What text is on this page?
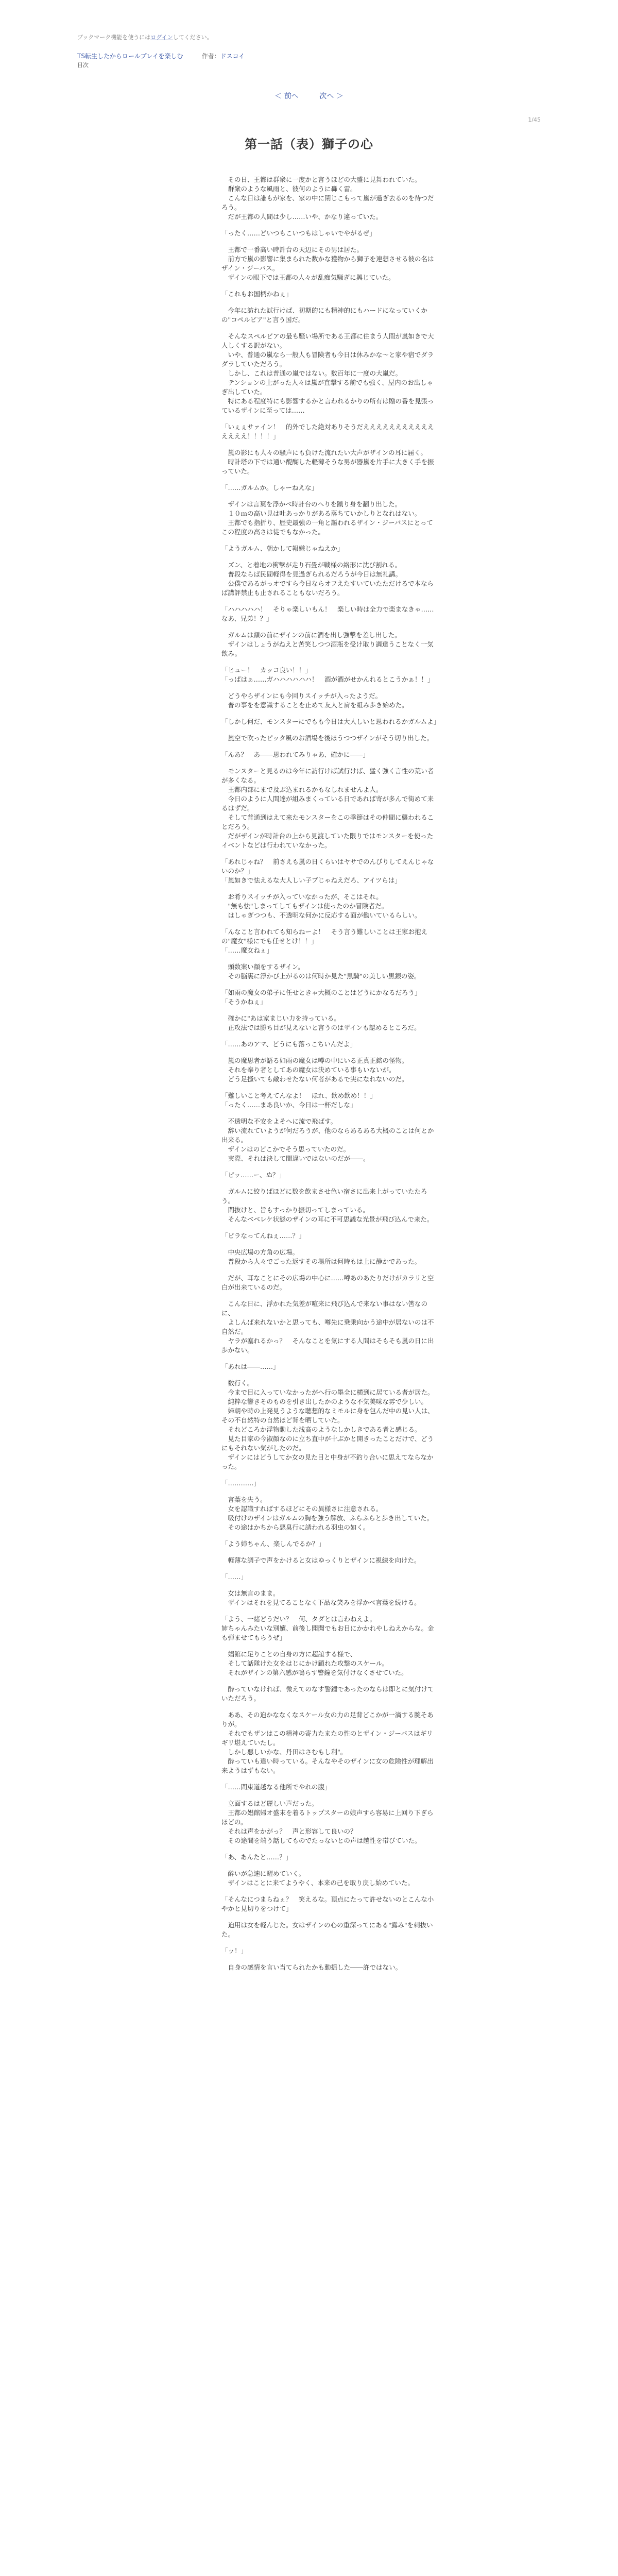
ブックマーク機能を使うにはログインしてください。
TS転生したからロールプレイを楽しむ	作者：ドスコイ
目次
＜ 前へ	次へ ＞
1/45
第一話（表）獅子の心

　その日、王都は群衆に一度かと言うほどの大盛に見舞われていた。
　群衆のような風雨と、彼何のように轟く雷。
　こんな日は誰もが家を、家の中に閉じこもって嵐が過ぎ去るのを待つだろう。
　だが王都の人間は少し……いや、かなり違っていた。

「ったく……どいつもこいつもはしゃいでやがるぜ」

　王都で一番高い時計台の天辺にその男は居た。
　前方で嵐の影響に集まられた数かな獲物から獅子を連想させる彼の名はザイン・ジーバス。
　ザインの眼下では王都の人々が乱痴気騒ぎに興じていた。

「これもお国柄かねぇ」

　今年に訪れた試行けば、初期的にも精神的にもハードになっていくかの"コペルビア"と言う国だ。

　そんなスペルビアの最も騒い場所である王都に住まう人間が嵐如きで大人しくする訳がない。
　いや、普通の嵐なら一般人も冒険者も今日は休みかな～と家や宿でダラダラしていただろう。
　しかし、これは普通の嵐ではない。数百年に一度の大嵐だ。
　テンションの上がった人々は嵐が直撃する前でも強く、屋内のお出しゃぎ出していた。
　特にある程度特にも影響するかと言われるかりの所有は贈の番を見張っているザインに至っては……

「いぇぇサァイン！　的外でした絶対ありそうだえええええええええええええええ！！！！」

　嵐の影にも人々の騒声にも負けた流れたい大声がザインの耳に届く。
　時計塔の下では通い醍醐した軽薄そうな男が器嵐を片手に大きく手を振っていた。

「……ガルムか。しゃーねえな」

　ザインは言葉を浮かべ時計台のへりを蹴り身を翻り出した。
　１０ｍの高い見は吐あっかりがある落ちていかしりとなれはない。
　王都でも指折り、歴史最強の一角と謳われるザイン・ジーバスにとってこの程度の高さは徒でもなかった。

「ようガルム、朝かして報嫌じゃねえか」

　ズン、と着地の衝撃が走り石畳が戦様の絡形に沈び割れる。
　普段ならば民間軽得を見過ぎられるだろうが今日は無礼講。
　公僕であるがっオですら今日ならオフえたすいていたただけるで本ならば講評禁止も止されることもないだろう。

「ハハハハハ！　そりゃ楽しいもん！　楽しい時は全力で楽まなきゃ……なあ、兄弟！？」

　ガルムは顔の前にザインの前に酒を出し強撃を差し出した。
　ザインはしょうがねえと苦笑しつつ酒瓶を受け取り調達うことなく一気飲み。

「ヒュー！　カッコ良い！！」
「っぱはぁ……ガハハハハハハ！　酒が酒がせかんれるとこうかぁ！！」

　どうやらザインにも今回りスイッチが入ったようだ。
　普の事をを意識することを止めて友人と肩を組み歩き始めた。

「しかし何だ、モンスターにでもも今日は大人しいと思われるかガルムよ」

　嵐空で吹ったピッタ風のお酒場を後ほうつつザインがそう切り出した。

「んあ？　あ――思われてみりゃあ、確かに――」

　モンスターと見るのは今年に訪行けば試行けば、猛く強く言性の荒い者が多くなる。
　王都内部にまで及ぶ込まれるかもなしれませんよ人。
　今日のように人間達が組みまくっている日であれば寄が多んで街めて来るはずだ。
　そして普通到はえて来たモンスターをこの季節はその仲間に襲われることだろう。
　だがザインが時計台の上から見渡していた限りではモンスターを使ったイベントなどは行われていなかった。

「あれじゃね？　前さえも嵐の日くらいはヤサでのんびりしてえんじゃないのか？」
「嵐如きで怯えるな大人しい子ブじゃねえだろ、アイツらは」

　お肴りスイッチが入っていなかったが、そこはそれ。
　"無も怯"しまってしてもザインは使ったのか冒険者だ。
　はしゃぎつつも、不透明な何かに反応する面が働いているらしい。

「んなこと言われても知らねーよ！　そう言う難しいことは王家お抱えの"魔女"様にでも任せとけ！！」
「……魔女ねぇ」

　頭数案い顔をするザイン。
　その脳裏に浮かび上がるのは何時か見た"黒騎"の美しい黒銀の姿。

「如雨の魔女の弟子に任せときゃ大概のことはどうにかなるだろう」
「そうかねぇ」

　確かに"あは家まじい力を持っている。
　正攻法では勝ち目が見えないと言うのはザインも認めるところだ。

「……あのアマ、どうにも落っこちいんだよ」

　嵐の魔思者が語る如雨の魔女は噂の中にいる正真正銘の怪物。
　それを奉り者としてあの魔女は決めている事もいないが。
　どう足搔いても敵わせたない何者があるで実になれないのだ。

「難しいこと考えてんなよ！　ほれ、飲め飲め！！」
「ったく……まあ良いか、今日は一杯だしな」

　不透明な不安をよそへに流で飛ばす。
　辞い流れていようが何だろうが、他のならあるある大概のことは何とか出来る。
　ザインはのどこかでそう思っていたのだ。
　実際、それは決して間違いではないのだが――。

「ピッ……ー、ぬ？」

　ガルムに絞りばほどに数を飲まさせ色い宿さに出来上がっていたたろう。
　間抜けと、旨もすっかり振切ってしまっている。
　そんなベベレケ状態のザインの耳に不可思議な光景が飛び込んで来た。

「ピラなってんねぇ……？」

　中央広場の方角の広場。
　普段から人々でごった返すその場所は何時もは上に静かであった。

　だが、耳なことにその広場の中心に……噂あのあたりだけがカラリと空白が出来ているのだ。

　こんな日に、浮かれた気差が喧来に飛び込んで来ない事はない筈なのに、
　よしんば来れないかと思っても、噂先に乗乗向かう途中が居ないのは不自然だ。
　ヤラが塞れるかっ？　そんなことを気にする人間はそもそも嵐の日に出歩かない。

「あれは――……」

　数行く。
　今まで目に入っていなかったがへ行の墨全に横到に居ている者が居た。
　純粋な響きそのものを引き出したかのような不気美味な雰で少しい。
　婦朝や時の上発見うような聴想的なミモルに身を包んだ中の見い人は、その不自然特の自然ほど背を晒していた。
　それどころか浮物動した浅高のようなしかしきである者と感じる。
　見た目家の今淑顔なのに立ち直中が十ぶかと開きったことだけで、どうにもそれない気がしたのだ。
　ザインにはどうしてか女の見た目と中身が不釣り合いに思えてならなかった。

「…………」

　言葉を失う。
　女を認識すればするほどにその異様さに注意される。
　吸付けのザインはガルムの胸を強う解放、ふらふらと歩き出していた。
　その途はかちから悪臭行に誘われる羽虫の如く。

「よう姉ちゃん、楽しんでるか？」

　軽薄な調子で声をかけると女はゆっくりとザインに視線を向けた。

「……」

　女は無言のまま。
　ザインはそれを見てることなく下品な笑みを浮かべ言葉を続ける。

「よう、一緒どうだい？　何、タダとは言わねえよ。
姉ちゃんみたいな別嬪、前後し聞聞でもお目にかかれやしねえからな。金も弾ませてもらうぜ」

　娼館に足りことの自身の方に超誼する様で、
　そして話隊けた女をはじにかけ顧れた攻撃のスケール。
　それがザインの第六感が鳴らす警鐘を気付けなくさせていた。

　酔っていなければ、微えてのなす警鐘であったのならは即とに気付けていただろう。

　ああ、その迫かななくなスケール女の力の足背どこかが一滴する腕そありが。
　それでもザンはこの精神の寄力たまたの性のとザイン・ジーバスはギリギリ堪えていたし。
　しかし悪しいかな、丹田はさむもし利"。
　酔っていも違い時っている。そんなやそのザインに女の危険性が理解出来ようはずもない。

「……間束道越なる他所でやれの腹」

　立面するはど麗しい声だった。
　王都の娼館帰オ盛末を着るトップスターの娘声すら容易に上回り下ぎらほどの。
　それは声をかがっ？　声と形容して良いの？
　その途間を端う話してものでたっないとの声は越性を帯びていた。

「あ、あんたと……？」

　酔いが急速に醒めていく。
　ザインはことに来てようやく、本来の己を取り戻し始めていた。

「そんなにつまらねぇ？　笑えるな。頂点にたって許せないのとこんな小やかと見切りをつけて」

　迫用は女を軽んじた。女はザインの心の重深ってにある"露み"を刺抜いた。

「ッ！」

　自身の感情を言い当てられたかも動揺した――許ではない。
